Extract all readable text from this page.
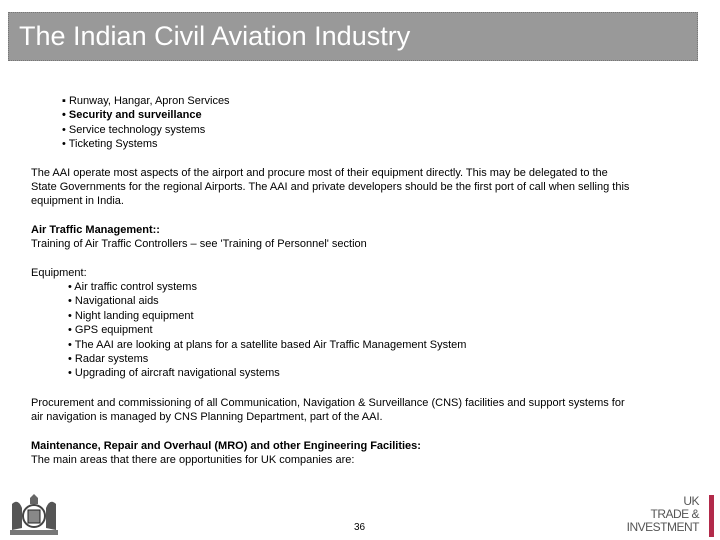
The Indian Civil Aviation Industry
▪ Runway, Hangar, Apron Services
• Security and surveillance
• Service technology systems
• Ticketing Systems
The AAI operate most aspects of the airport and procure most of their equipment directly. This may be delegated to the
State Governments for the regional Airports. The AAI and private developers should be the first port of call when selling this
equipment in India.
Air Traffic Management::
Training of Air Traffic Controllers – see 'Training of Personnel' section
Equipment:
• Air traffic control systems
• Navigational aids
• Night landing equipment
• GPS equipment
• The AAI are looking at plans for a satellite based Air Traffic Management System
• Radar systems
• Upgrading of aircraft navigational systems
Procurement and commissioning of all Communication, Navigation & Surveillance (CNS) facilities and support systems for
air navigation is managed by CNS Planning Department, part of the AAI.
Maintenance, Repair and Overhaul (MRO) and other Engineering Facilities:
The main areas that there are opportunities for UK companies are:
UK
TRADE &
INVESTMENT
36
